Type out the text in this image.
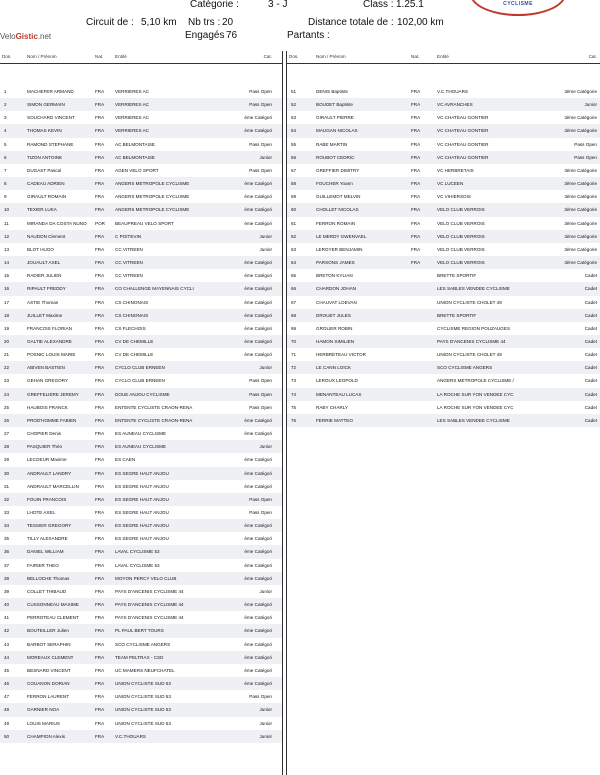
CYCLISME
Catégorie :	3 - J	Class : 1.25.1
Circuit de : 5,10 km Nb trs : 20	Distance totale de : 102,00 km
VeloGistic.net	Engagés 76	Partants :
Dos.	Nom / Prénom	Nat.	Entité	Cat.
1	MACHEFER ARMAND	FRA VERRIERES AC	Pass Open
2	SIMON GERMAIN	FRA VERRIERES AC	Pass Open
3	SOUCHARD VINCENT	FRA VERRIERES AC	ème Catégori
4	THOMAS KEVIN	FRA VERRIERES AC	ème Catégori
5	RAMOND STEPHANE	FRA AC BELMONTAISE	Pass Open
6	TIZON ANTOINE	FRA AC BELMONTAISE	Junior
7	DUGAST Pascal	FRA AGEN VELO SPORT	Pass Open
8	CADEAU ADRIEN	FRA ANGERS METROPOLE CYCLISME	ème Catégori
9	GIRAULT ROMAIN	FRA ANGERS METROPOLE CYCLISME	ème Catégori
10	TEXIER LUKA	FRA ANGERS METROPOLE CYCLISME	ème Catégori
11	MIRANDA DA COSTA NUNO POR BEAUPREAU VELO SPORT	ème Catégori
12	NAUDON Clement	FRA C POITEVIN	Junior
13	BLOT HUGO	FRA CC VITREEN	Junior
14	JOUAULT AXEL	FRA CC VITREEN	ème Catégori
15	RADIER JULIEN	FRA CC VITREEN	ème Catégori
16	RIPAULT FREDDY	FRA CO CHALLENGE MAYENNAIS CYCLI	ème Catégori
17	ASTIE Thomas	FRA CS CHINONAIS	ème Catégori
18	JUILLET Maxime	FRA CS CHINONAIS	ème Catégori
19	FRANCOIS FLORIAN	FRA CS FLECHOIS	ème Catégori
20	GALTIE ALEXANDRE	FRA CV DE CHEMILLE	ème Catégori
21	POSNIC LOUIS MARIE	FRA CV DE CHEMILLE	ème Catégori
22	ABIVEN BASTIEN	FRA CYCLO CLUB ERNEEN	Junior
23	GEHAN GREGORY	FRA CYCLO CLUB ERNEEN	Pass Open
24	GREFFELIERE JEREMY	FRA DOUE ANJOU CYCLISME	Pass Open
25	HAUBOIS FRANCK	FRA ENTENTE CYCLISTE CRAON-RENA	Pass Open
26	PROD'HOMME FABIEN	FRA ENTENTE CYCLISTE CRAON-RENA	ème Catégori
27	CHOPIER Denis	FRA ES AUNEAU CYCLISME	ème Catégori
28	PASQUIER Théo	FRA ES AUNEAU CYCLISME	Junior
29	LECOEUR Maxime	FRA ES CAEN	ème Catégori
30	ANDRAULT LANDRY	FRA ES SEGRE HAUT ANJOU	ème Catégori
31	ANDRAULT MARCELLIN	FRA ES SEGRE HAUT ANJOU	ème Catégori
32	FOUIN FRANCOIS	FRA ES SEGRE HAUT ANJOU	Pass Open
33	LHOTE AXEL	FRA ES SEGRE HAUT ANJOU	Pass Open
34	TESSIER GREGORY	FRA ES SEGRE HAUT ANJOU	ème Catégori
35	TILLY ALEXANDRE	FRA ES SEGRE HAUT ANJOU	ème Catégori
36	DANIEL WILLIAM	FRA LAVAL CYCLISME 53	ème Catégori
37	FAIRIER THEO	FRA LAVAL CYCLISME 53	ème Catégori
38	BELLOCHE Thomas	FRA MOYON PERCY VELO CLUB	ème Catégori
39	COLLET THIBAUD	FRA PAYS D'ANCENIS CYCLISME 44	Junior
40	CUSSONNEAU MAXIME	FRA PAYS D'ANCENIS CYCLISME 44	ème Catégori
41	PERROTEAU CLEMENT	FRA PAYS D'ANCENIS CYCLISME 44	ème Catégori
42	BOUTEILLER Julien	FRA PL PAUL BERT TOURS	ème Catégori
43	BARBOT SERAPHIN	FRA SCO CYCLISME ANGERS	ème Catégori
44	MOREAUX CLEMENT	FRA TEAM PELTRAX - CSD	ème Catégori
45	BESNARD VINCENT	FRA UC MAMERS NEUFCHATEL	ème Catégori
46	COUANON DORIAN	FRA UNION CYCLISTE SUD 53	ème Catégori
47	FERRON LAURENT	FRA UNION CYCLISTE SUD 53	Pass Open
48	GARNIER NOA	FRA UNION CYCLISTE SUD 53	Junior
49	LOUIS MARIUS	FRA UNION CYCLISTE SUD 53	Junior
50	CHAMPION Alexis	FRA V.C.THOUARS	Junior
Dos.	Nom / Prénom	Nat.	Entité	Cat.
51	DENIS Baptiste	FRA	V.C.THOUARS	3ème Catégorie
52	BOUDET Baptiste	FRA	VC AVRANCHES	Junior
53	GIRAULT PIERRE	FRA	VC CHATEAU GONTIER	3ème Catégorie
54	MAUGAN NICOLAS	FRA	VC CHATEAU GONTIER	3ème Catégorie
55	RABE MARTIN	FRA	VC CHATEAU GONTIER	Pass Open
56	ROUBOT CEDRIC	FRA	VC CHATEAU GONTIER	Pass Open
57	GREFFIER DIMITRY	FRA	VC HERBRETAIS	3ème Catégorie
58	FOUCHER Yoann	FRA	VC LUCEEN	3ème Catégorie
59	GUILLEMOT MELVIN	FRA	VC VIHIERSOIS	3ème Catégorie
60	CHOLLET NICOLAS	FRA	VELO CLUB VERROIS	3ème Catégorie
61	FERRON ROMAIN	FRA	VELO CLUB VERROIS	3ème Catégorie
62	LE MERDY GWENVAEL	FRA	VELO CLUB VERROIS	3ème Catégorie
63	LEROYER BENJAMIN	FRA	VELO CLUB VERROIS	3ème Catégorie
64	PARSONS JAMES	FRA	VELO CLUB VERROIS	3ème Catégorie
65	BRETON KYLIAN	BRETTE SPORTIF	Cadet
66	CHARDON JOHAN	LES SABLES VENDEE CYCLISME	Cadet
67	CHAUVAT LOEVAN	UNION CYCLISTE CHOLET 49	Cadet
68	DROUET JULES	BRETTE SPORTIF	Cadet
69	GROLIER ROBIN	CYCLISME REGION POUZAUGES	Cadet
70	HAMON SIMILIEN	PAYS D'ANCENIS CYCLISME 44	Cadet
71	HERBRETEAU VICTOR	UNION CYCLISTE CHOLET 49	Cadet
72	LE CANN LOICK	SCO CYCLISME ANGERS	Cadet
73	LEROUX LEOPOLD	ANGERS METROPOLE CYCLISME /	Cadet
74	MENANTEAU LUCAS	LA ROCHE SUR YON VENDEE CYC	Cadet
75	RABY CHARLY	LA ROCHE SUR YON VENDEE CYC	Cadet
76	FERRIE MATTEO	LES SABLES VENDEE CYCLISME	Cadet
